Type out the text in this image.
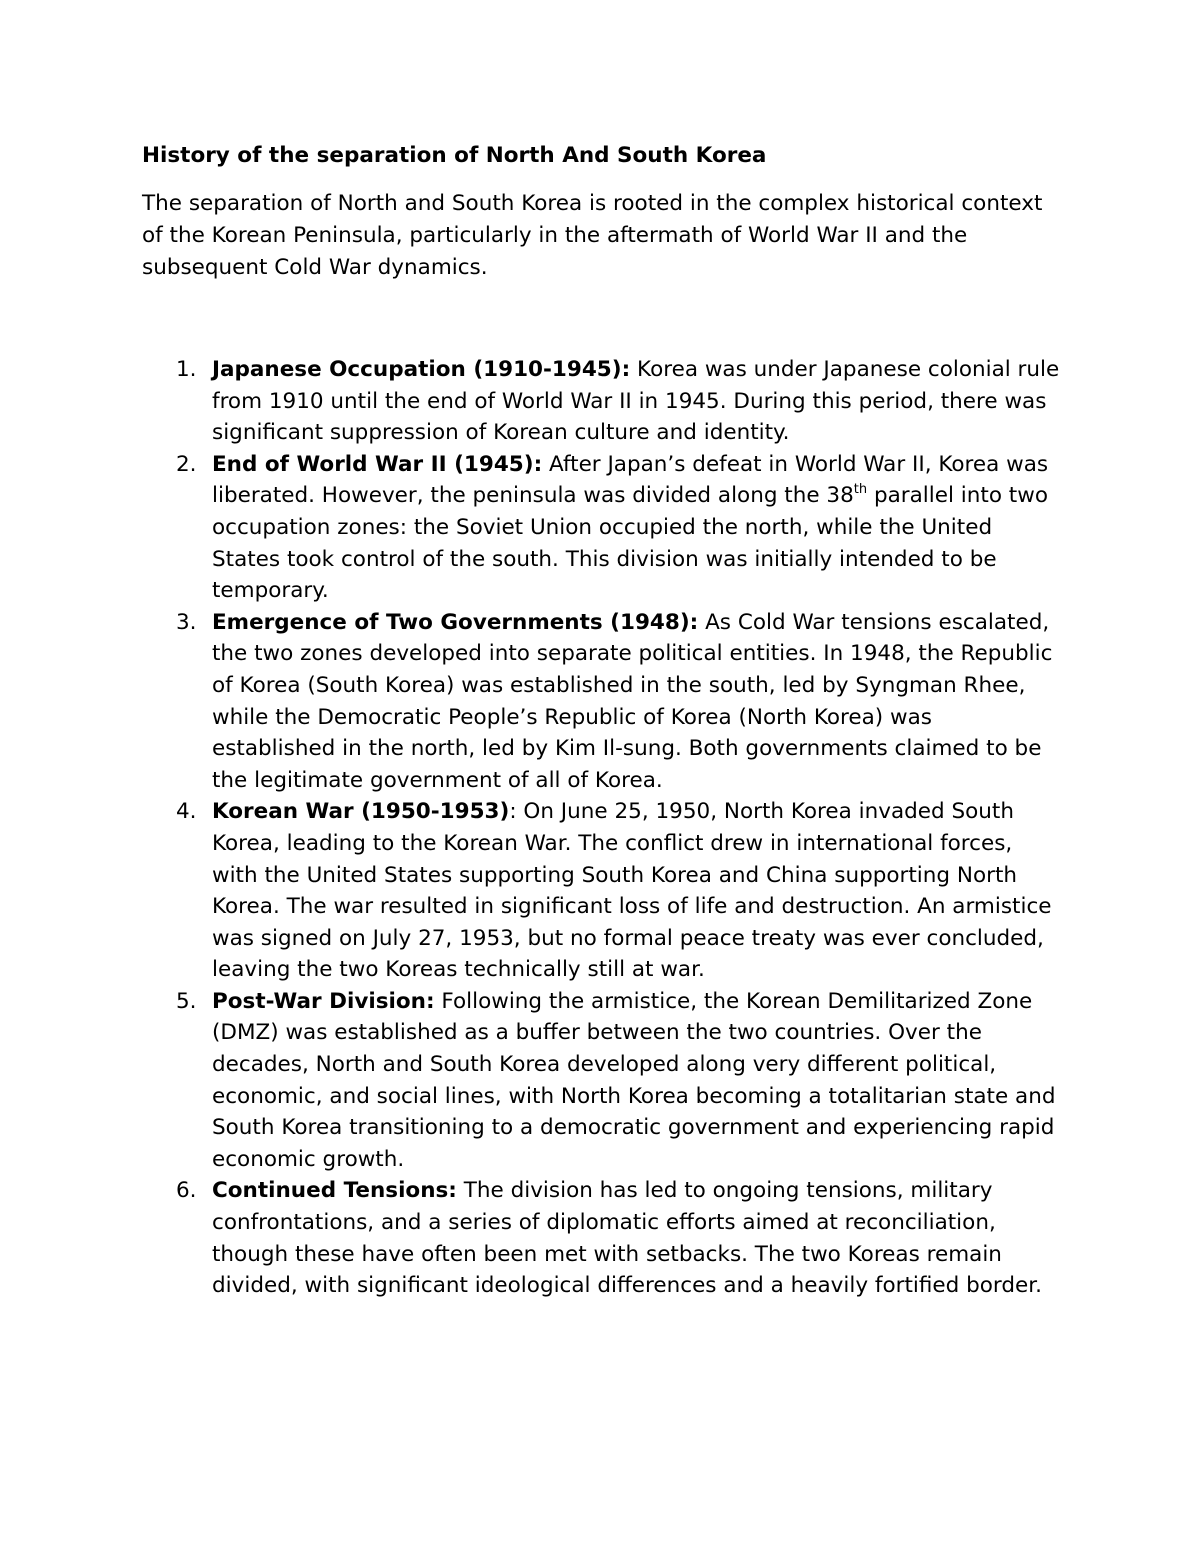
History of the separation of North And South Korea

The separation of North and South Korea is rooted in the complex historical context of the Korean Peninsula, particularly in the aftermath of World War II and the subsequent Cold War dynamics.

1. Japanese Occupation (1910-1945): Korea was under Japanese colonial rule from 1910 until the end of World War II in 1945. During this period, there was significant suppression of Korean culture and identity.
2. End of World War II (1945): After Japan’s defeat in World War II, Korea was liberated. However, the peninsula was divided along the 38th parallel into two occupation zones: the Soviet Union occupied the north, while the United States took control of the south. This division was initially intended to be temporary.
3. Emergence of Two Governments (1948): As Cold War tensions escalated, the two zones developed into separate political entities. In 1948, the Republic of Korea (South Korea) was established in the south, led by Syngman Rhee, while the Democratic People’s Republic of Korea (North Korea) was established in the north, led by Kim Il-sung. Both governments claimed to be the legitimate government of all of Korea.
4. Korean War (1950-1953): On June 25, 1950, North Korea invaded South Korea, leading to the Korean War. The conflict drew in international forces, with the United States supporting South Korea and China supporting North Korea. The war resulted in significant loss of life and destruction. An armistice was signed on July 27, 1953, but no formal peace treaty was ever concluded, leaving the two Koreas technically still at war.
5. Post-War Division: Following the armistice, the Korean Demilitarized Zone (DMZ) was established as a buffer between the two countries. Over the decades, North and South Korea developed along very different political, economic, and social lines, with North Korea becoming a totalitarian state and South Korea transitioning to a democratic government and experiencing rapid economic growth.
6. Continued Tensions: The division has led to ongoing tensions, military confrontations, and a series of diplomatic efforts aimed at reconciliation, though these have often been met with setbacks. The two Koreas remain divided, with significant ideological differences and a heavily fortified border.
